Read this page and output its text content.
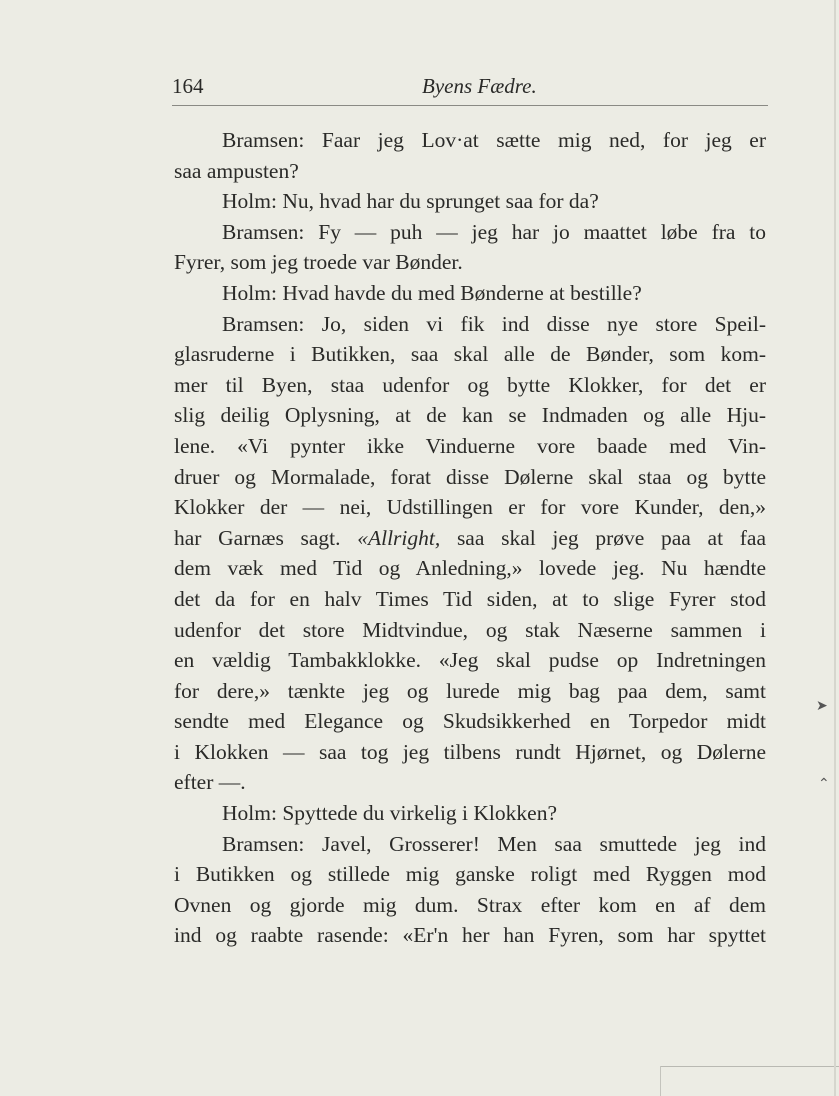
164	Byens Fædre.
Bramsen: Faar jeg Lov·at sætte mig ned, for jeg er
saa ampusten?
Holm: Nu, hvad har du sprunget saa for da?
Bramsen: Fy — puh — jeg har jo maattet løbe fra to
Fyrer, som jeg troede var Bønder.
Holm: Hvad havde du med Bønderne at bestille?
Bramsen: Jo, siden vi fik ind disse nye store Speil-
glasruderne i Butikken, saa skal alle de Bønder, som kom-
mer til Byen, staa udenfor og bytte Klokker, for det er
slig deilig Oplysning, at de kan se Indmaden og alle Hju-
lene. «Vi pynter ikke Vinduerne vore baade med Vin-
druer og Mormalade, forat disse Dølerne skal staa og bytte
Klokker der — nei, Udstillingen er for vore Kunder, den,»
har Garnæs sagt. «Allright, saa skal jeg prøve paa at faa
dem væk med Tid og Anledning,» lovede jeg. Nu hændte
det da for en halv Times Tid siden, at to slige Fyrer stod
udenfor det store Midtvindue, og stak Næserne sammen i
en vældig Tambakklokke. «Jeg skal pudse op Indretningen
for dere,» tænkte jeg og lurede mig bag paa dem, samt
sendte med Elegance og Skudsikkerhed en Torpedor midt
i Klokken — saa tog jeg tilbens rundt Hjørnet, og Dølerne
efter —.
Holm: Spyttede du virkelig i Klokken?
Bramsen: Javel, Grosserer! Men saa smuttede jeg ind
i Butikken og stillede mig ganske roligt med Ryggen mod
Ovnen og gjorde mig dum. Strax efter kom en af dem
ind og raabte rasende: «Er'n her han Fyren, som har spyttet
➤
⌃
